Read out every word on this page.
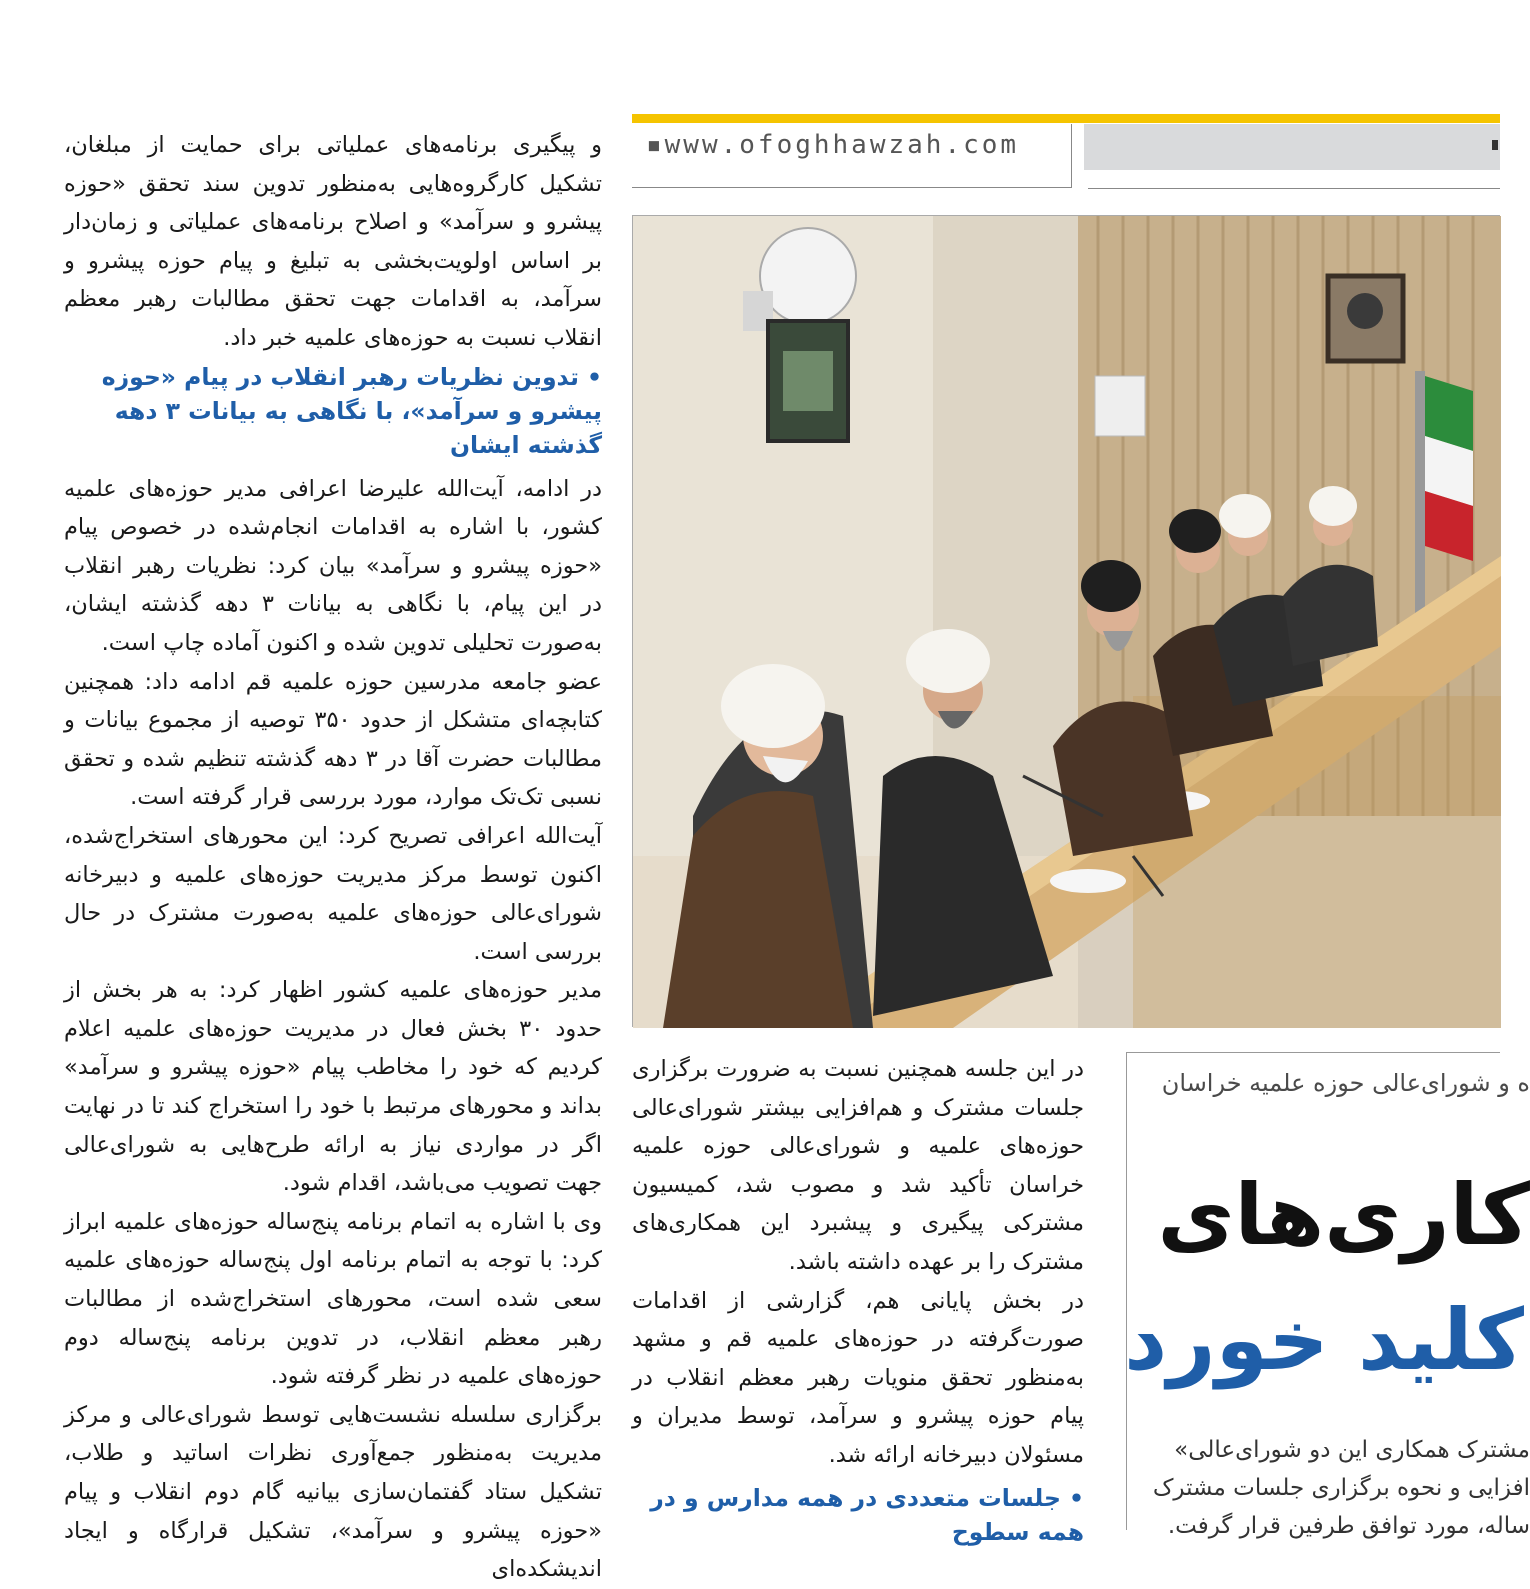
▪www.ofoghhawzah.com

و پیگیری برنامه‌های عملیاتی برای حمایت از مبلغان، تشکیل کارگروه‌هایی به‌منظور تدوین سند تحقق «حوزه پیشرو و سرآمد» و اصلاح برنامه‌های عملیاتی و زمان‌دار بر اساس اولویت‌بخشی به تبلیغ و پیام حوزه پیشرو و سرآمد، به اقدامات جهت تحقق مطالبات رهبر معظم انقلاب نسبت به حوزه‌های علمیه خبر داد.

•تدوین نظریات رهبر انقلاب در پیام «حوزه پیشرو و سرآمد»، با نگاهی به بیانات ۳ دهه گذشته ایشان

در ادامه، آیت‌الله علیرضا اعرافی مدیر حوزه‌های علمیه کشور، با اشاره به اقدامات انجام‌شده در خصوص پیام «حوزه پیشرو و سرآمد» بیان کرد: نظریات رهبر انقلاب در این پیام، با نگاهی به بیانات ۳ دهه گذشته ایشان، به‌صورت تحلیلی تدوین شده و اکنون آماده چاپ است.

عضو جامعه مدرسین حوزه علمیه قم ادامه داد: همچنین کتابچه‌ای متشکل از حدود ۳۵۰ توصیه از مجموع بیانات و مطالبات حضرت آقا در ۳ دهه گذشته تنظیم شده و تحقق نسبی تک‌تک موارد، مورد بررسی قرار گرفته است.

آیت‌الله اعرافی تصریح کرد: این محورهای استخراج‌شده، اکنون توسط مرکز مدیریت حوزه‌های علمیه و دبیرخانه شورای‌عالی حوزه‌های علمیه به‌صورت مشترک در حال بررسی است.

مدیر حوزه‌های علمیه کشور اظهار کرد: به هر بخش از حدود ۳۰ بخش فعال در مدیریت حوزه‌های علمیه اعلام کردیم که خود را مخاطب پیام «حوزه پیشرو و سرآمد» بداند و محورهای مرتبط با خود را استخراج کند تا در نهایت اگر در مواردی نیاز به ارائه طرح‌هایی به شورای‌عالی جهت تصویب می‌باشد، اقدام شود.

وی با اشاره به اتمام برنامه پنج‌ساله حوزه‌های علمیه ابراز کرد: با توجه به اتمام برنامه اول پنج‌ساله حوزه‌های علمیه سعی شده است، محورهای استخراج‌شده از مطالبات رهبر معظم انقلاب، در تدوین برنامه پنج‌ساله دوم حوزه‌های علمیه در نظر گرفته شود.

برگزاری سلسله نشست‌هایی توسط شورای‌عالی و مرکز مدیریت به‌منظور جمع‌آوری نظرات اساتید و طلاب، تشکیل ستاد گفتمان‌سازی بیانیه گام دوم انقلاب و پیام «حوزه پیشرو و سرآمد»، تشکیل قرارگاه و ایجاد اندیشکده‌ای

در این جلسه همچنین نسبت به ضرورت برگزاری جلسات مشترک و هم‌افزایی بیشتر شورای‌عالی حوزه‌های علمیه و شورای‌عالی حوزه علمیه خراسان تأکید شد و مصوب شد، کمیسیون مشترکی پیگیری و پیشبرد این همکاری‌های مشترک را بر عهده داشته باشد.

در بخش پایانی هم، گزارشی از اقدامات صورت‌گرفته در حوزه‌های علمیه قم و مشهد به‌منظور تحقق منویات رهبر معظم انقلاب در پیام حوزه پیشرو و سرآمد، توسط مدیران و مسئولان دبیرخانه ارائه شد.

•جلسات متعددی در همه مدارس و در همه سطوح
ه و شورای‌عالی حوزه علمیه خراسان
کاری‌های
کلید خورد
مشترک همکاری این دو شورای‌عالی»
افزایی و نحوه برگزاری جلسات مشترک
ساله، مورد توافق طرفین قرار گرفت.
